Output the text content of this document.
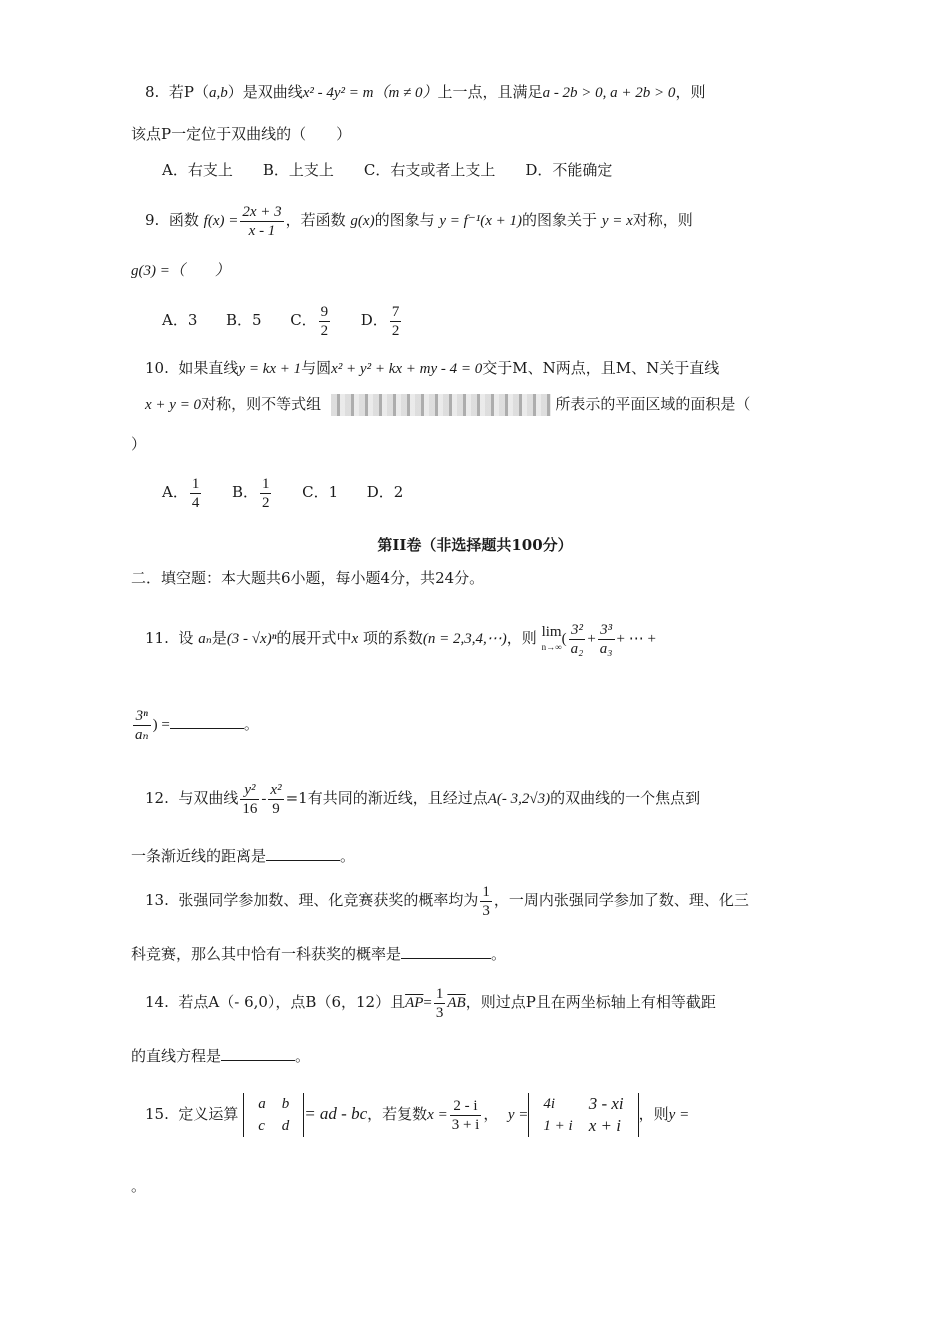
8. 若P（a,b）是双曲线x² - 4y² = m（m ≠ 0）上一点，且满足a - 2b > 0, a + 2b > 0，则
该点P一定位于双曲线的（　　）
A．右支上　　B．上支上　　C．右支或者上支上　　D．不能确定
9. 函数 $f(x) = \frac{2x + 3}{x - 1}$ ，若函数 g(x)的图象与 y = f⁻¹(x + 1)的图象关于 y = x对称，则
g(3) =（　　）
A．3 B．5 C． $\frac{9}{2}$ D． $\frac{7}{2}$
10. 如果直线y = kx + 1与圆x² + y² + kx + my - 4 = 0交于M、N两点，且M、N关于直线
x + y = 0对称，则不等式组	所表示的平面区域的面积是（
）
A． $\frac{1}{4}$ B． $\frac{1}{2}$ C．1 D．2
第II卷（非选择题共100分）
二．填空题：本大题共6小题，每小题4分，共24分。
11. 设 aₙ是(3 - √x)ⁿ的展开式中x 项的系数(n = 2,3,4,⋯)，则 lim
$n\to\infty( \frac{\text{3²}}{\text{a₂}} + \frac{\text{3³}}{\text{a₃}}$ + ⋯ +
$\frac{\text{3ⁿ}}{\text{aₙ}}$ ) =	。
12. 与双曲线 $\frac{\text{y²}}{16} - \frac{\text{x²}}{9} =1$有共同的渐近线，且经过点A(- 3,2√3)的双曲线的一个焦点到
一条渐近线的距离是	。
13. 张强同学参加数、理、化竞赛获奖的概率均为 $\frac{1}{3}$ ，一周内张强同学参加了数、理、化三
科竞赛，那么其中恰有一科获奖的概率是	。
14. 若点A（- 6,0），点B（6，12）且$\overline{AP}= \frac{1}{3} \overline{AB}$，则过点P且在两坐标轴上有相等截距
的直线方程是	。
15. 定义运算
a	b
c	d
= ad - bc，若复数$x = \frac{2 - i}{3 + i}$ ， y =
4i	3 - xi
1 + i	x + i
，则y =
。
